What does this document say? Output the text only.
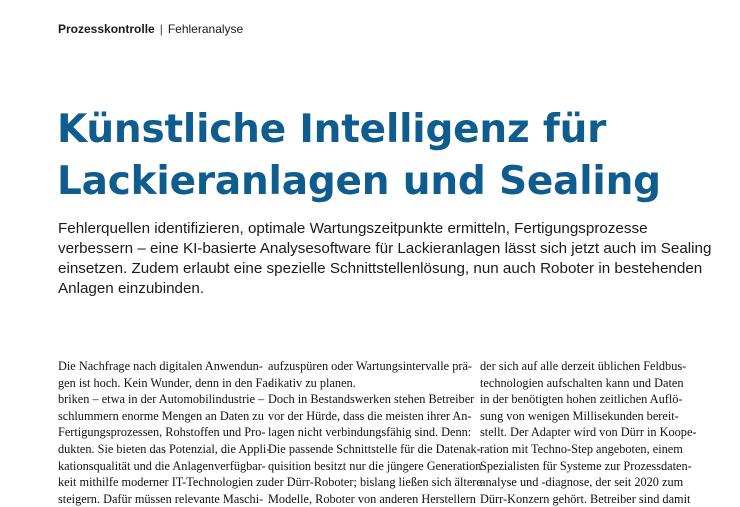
Prozesskontrolle | Fehleranalyse
Künstliche Intelligenz für
Lackieranlagen und Sealing
Fehlerquellen identifizieren, optimale Wartungszeitpunkte ermitteln, Fertigungsprozesse
verbessern – eine KI-basierte Analysesoftware für Lackieranlagen lässt sich jetzt auch im Sealing
einsetzen. Zudem erlaubt eine spezielle Schnittstellenlösung, nun auch Roboter in bestehenden
Anlagen einzubinden.
Die Nachfrage nach digitalen Anwendun-
gen ist hoch. Kein Wunder, denn in den Fa-
briken – etwa in der Automobilindustrie –
schlummern enorme Mengen an Daten zu
Fertigungsprozessen, Rohstoffen und Pro-
dukten. Sie bieten das Potenzial, die Appli-
kationsqualität und die Anlagenverfügbar-
keit mithilfe moderner IT-Technologien zu
steigern. Dafür müssen relevante Maschi-
aufzuspüren oder Wartungsintervalle prä-
dikativ zu planen.
Doch in Bestandswerken stehen Betreiber
vor der Hürde, dass die meisten ihrer An-
lagen nicht verbindungsfähig sind. Denn:
Die passende Schnittstelle für die Datenak-
quisition besitzt nur die jüngere Generation
der Dürr-Roboter; bislang ließen sich ältere
Modelle, Roboter von anderen Herstellern
der sich auf alle derzeit üblichen Feldbus-
technologien aufschalten kann und Daten
in der benötigten hohen zeitlichen Auflö-
sung von wenigen Millisekunden bereit-
stellt. Der Adapter wird von Dürr in Koope-
ration mit Techno-Step angeboten, einem
Spezialisten für Systeme zur Prozessdaten-
analyse und -diagnose, der seit 2020 zum
Dürr-Konzern gehört. Betreiber sind damit
